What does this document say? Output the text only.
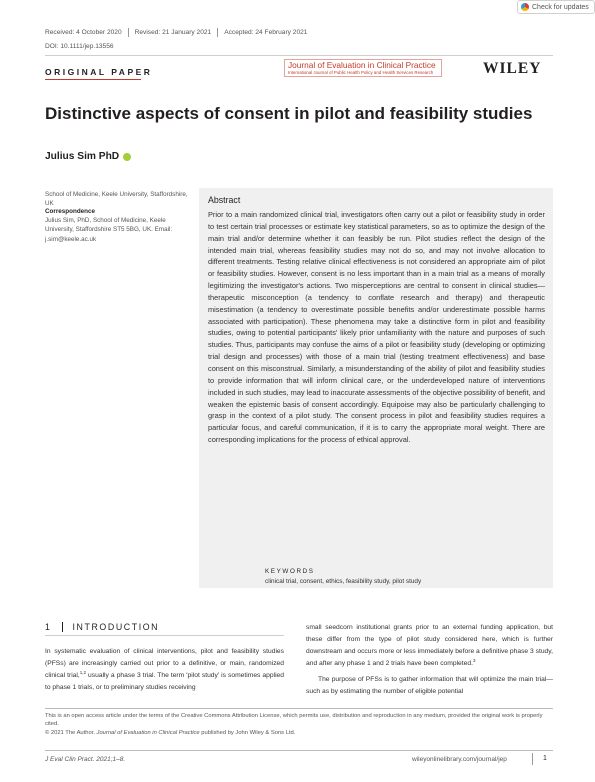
Check for updates
Received: 4 October 2020 Revised: 21 January 2021 Accepted: 24 February 2021
DOI: 10.1111/jep.13556
ORIGINAL PAPER
Journal of Evaluation in Clinical Practice
International Journal of Public Health Policy and Health Services Research	WILEY
Distinctive aspects of consent in pilot and feasibility studies
Julius Sim PhD
School of Medicine, Keele University, Staffordshire, UK
Correspondence
Julius Sim, PhD, School of Medicine, Keele University, Staffordshire ST5 5BG, UK. Email: j.sim@keele.ac.uk
Abstract
Prior to a main randomized clinical trial, investigators often carry out a pilot or feasibility study in order to test certain trial processes or estimate key statistical parameters, so as to optimize the design of the main trial and/or determine whether it can feasibly be run. Pilot studies reflect the design of the intended main trial, whereas feasibility studies may not do so, and may not involve allocation to different treatments. Testing relative clinical effectiveness is not considered an appropriate aim of pilot or feasibility studies. However, consent is no less important than in a main trial as a means of morally legitimizing the investigator's actions. Two misperceptions are central to consent in clinical studies—therapeutic misconception (a tendency to conflate research and therapy) and therapeutic misestimation (a tendency to overestimate possible benefits and/or underestimate possible harms associated with participation). These phenomena may take a distinctive form in pilot and feasibility studies, owing to potential participants' likely prior unfamiliarity with the nature and purposes of such studies. Thus, participants may confuse the aims of a pilot or feasibility study (developing or optimizing trial design and processes) with those of a main trial (testing treatment effectiveness) and base consent on this misconstrual. Similarly, a misunderstanding of the ability of pilot and feasibility studies to provide information that will inform clinical care, or the underdeveloped nature of interventions included in such studies, may lead to inaccurate assessments of the objective possibility of benefit, and weaken the epistemic basis of consent accordingly. Equipoise may also be particularly challenging to grasp in the context of a pilot study. The consent process in pilot and feasibility studies requires a particular focus, and careful communication, if it is to carry the appropriate moral weight. There are corresponding implications for the process of ethical approval.
KEYWORDS
clinical trial, consent, ethics, feasibility study, pilot study
1 INTRODUCTION

In systematic evaluation of clinical interventions, pilot and feasibility studies (PFSs) are increasingly carried out prior to a definitive, or main, randomized clinical trial,$^{1,2}$ usually a phase 3 trial. The term 'pilot study' is sometimes applied to phase 1 trials, or to preliminary studies receiving

small seedcorn institutional grants prior to an external funding application, but these differ from the type of pilot study considered here, which is further downstream and occurs more or less immediately before a definitive phase 3 study, and after any phase 1 and 2 trials have been completed.$^3$

The purpose of PFSs is to gather information that will optimize the main trial—such as by estimating the number of eligible potential

This is an open access article under the terms of the Creative Commons Attribution License, which permits use, distribution and reproduction in any medium, provided the original work is properly cited.
© 2021 The Author. Journal of Evaluation in Clinical Practice published by John Wiley & Sons Ltd.
J Eval Clin Pract. 2021;1–8.	wileyonlinelibrary.com/journal/jep	1
